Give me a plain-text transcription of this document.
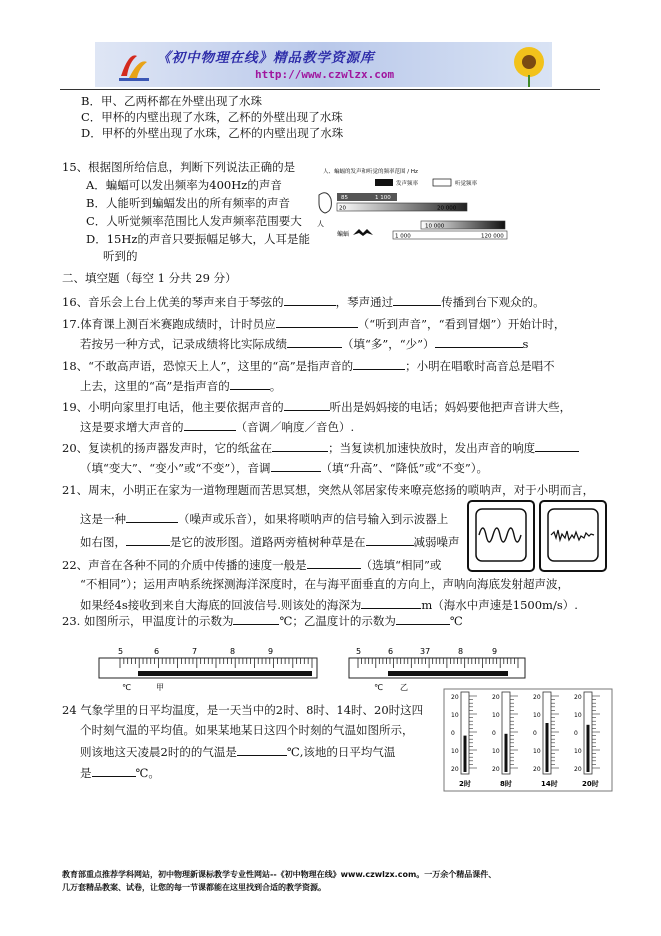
《初中物理在线》精品教学资源库
http://www.czwlzx.com
B．甲、乙两杯都在外壁出现了水珠
C．甲杯的内壁出现了水珠，乙杯的外壁出现了水珠
D．甲杯的外壁出现了水珠，乙杯的内壁出现了水珠
15、根据图所给信息，判断下列说法正确的是
A．蝙蝠可以发出频率为400Hz的声音
B．人能听到蝙蝠发出的所有频率的声音
C．人听觉频率范围比人发声频率范围要大
D．15Hz的声音只要振幅足够大，人耳是能
听到的
人、蝙蝠的发声和听觉的频率范围 / Hz
发声频率	听觉频率
人
85	1 100
20	20 000
蝙蝠
10 000
1 000	120 000
二、填空题（每空 1 分共 29 分）
16、音乐会上台上优美的琴声来自于琴弦的	，琴声通过	传播到台下观众的。
17.体育课上测百米赛跑成绩时，计时员应	（“听到声音”，“看到冒烟”）开始计时，
若按另一种方式，记录成绩将比实际成绩	（填“多”，“少”）	s
18、“不敢高声语，恐惊天上人”，这里的“高”是指声音的	；小明在唱歌时高音总是唱不
上去，这里的“高”是指声音的	。
19、小明向家里打电话，他主要依据声音的	听出是妈妈接的电话；妈妈要他把声音讲大些，
这是要求增大声音的	（音调／响度／音色）.
20、复读机的扬声器发声时，它的纸盆在	；当复读机加速快放时，发出声音的响度
（填“变大”、“变小”或“不变”），音调	（填“升高”、“降低”或“不变”）。
21、周末，小明正在家为一道物理题而苦思冥想，突然从邻居家传来嘹亮悠扬的唢呐声，对于小明而言，
这是一种	（噪声或乐音），如果将唢呐声的信号输入到示波器上
如右图，	是它的波形图。道路两旁植树种草是在	减弱噪声
22、声音在各种不同的介质中传播的速度一般是	（选填“相同”或
“不相同”）；运用声呐系统探测海洋深度时，在与海平面垂直的方向上，声呐向海底发射超声波，
如果经4s接收到来自大海底的回波信号.则该处的海深为	m（海水中声速是1500m/s）.
23. 如图所示，甲温度计的示数为	℃；乙温度计的示数为	℃
5	6	7	8	9
℃	甲
5	6	37	8	9
℃ 乙
24 气象学里的日平均温度，是一天当中的2时、8时、14时、20时这四
个时刻气温的平均值。如果某地某日这四个时刻的气温如图所示，
则该地这天凌晨2时的的气温是	℃,该地的日平均气温
是	℃。
20
10
0
10
20
2时
20
10
0
10
20
8时
20
10
0
10
20
14时
20
10
0
10
20
20时
教育部重点推荐学科网站，初中物理新课标教学专业性网站--《初中物理在线》www.czwlzx.com。一万余个精品课件、
几万套精品教案、试卷，让您的每一节课都能在这里找到合适的教学资源。
